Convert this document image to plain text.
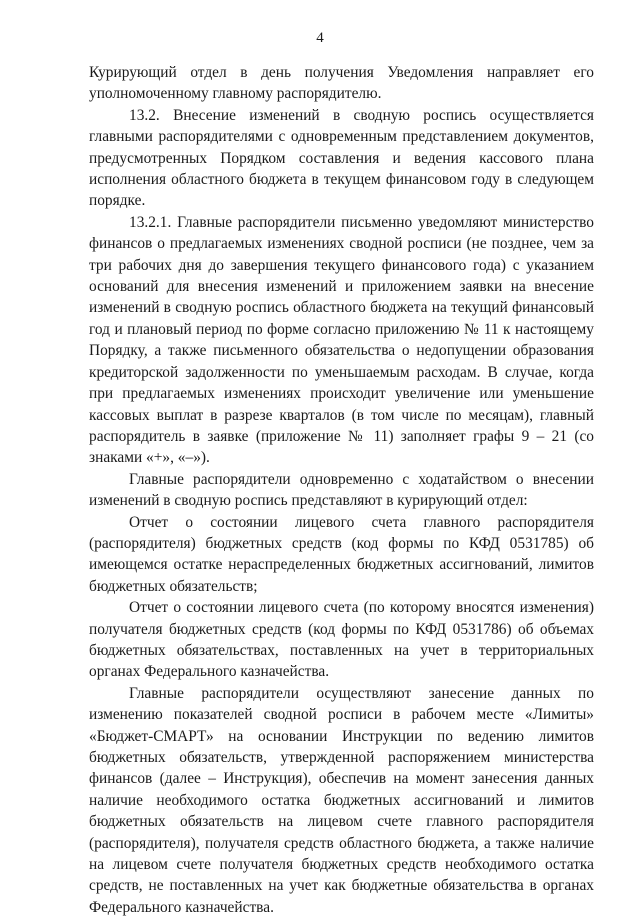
4

Курирующий отдел в день получения Уведомления направляет его уполномоченному главному распорядителю.

13.2. Внесение изменений в сводную роспись осуществляется главными распорядителями с одновременным представлением документов, предусмотренных Порядком составления и ведения кассового плана исполнения областного бюджета в текущем финансовом году в следующем порядке.

13.2.1. Главные распорядители письменно уведомляют министерство финансов о предлагаемых изменениях сводной росписи (не позднее, чем за три рабочих дня до завершения текущего финансового года) с указанием оснований для внесения изменений и приложением заявки на внесение изменений в сводную роспись областного бюджета на текущий финансовый год и плановый период по форме согласно приложению № 11 к настоящему Порядку, а также письменного обязательства о недопущении образования кредиторской задолженности по уменьшаемым расходам. В случае, когда при предлагаемых изменениях происходит увеличение или уменьшение кассовых выплат в разрезе кварталов (в том числе по месяцам), главный распорядитель в заявке (приложение № 11) заполняет графы 9 – 21 (со знаками «+», «–»).

Главные распорядители одновременно с ходатайством о внесении изменений в сводную роспись представляют в курирующий отдел:

Отчет о состоянии лицевого счета главного распорядителя (распорядителя) бюджетных средств (код формы по КФД 0531785) об имеющемся остатке нераспределенных бюджетных ассигнований, лимитов бюджетных обязательств;

Отчет о состоянии лицевого счета (по которому вносятся изменения) получателя бюджетных средств (код формы по КФД 0531786) об объемах бюджетных обязательствах, поставленных на учет в территориальных органах Федерального казначейства.

Главные распорядители осуществляют занесение данных по изменению показателей сводной росписи в рабочем месте «Лимиты» «Бюджет-СМАРТ» на основании Инструкции по ведению лимитов бюджетных обязательств, утвержденной распоряжением министерства финансов (далее – Инструкция), обеспечив на момент занесения данных наличие необходимого остатка бюджетных ассигнований и лимитов бюджетных обязательств на лицевом счете главного распорядителя (распорядителя), получателя средств областного бюджета, а также наличие на лицевом счете получателя бюджетных средств необходимого остатка средств, не поставленных на учет как бюджетные обязательства в органах Федерального казначейства.
